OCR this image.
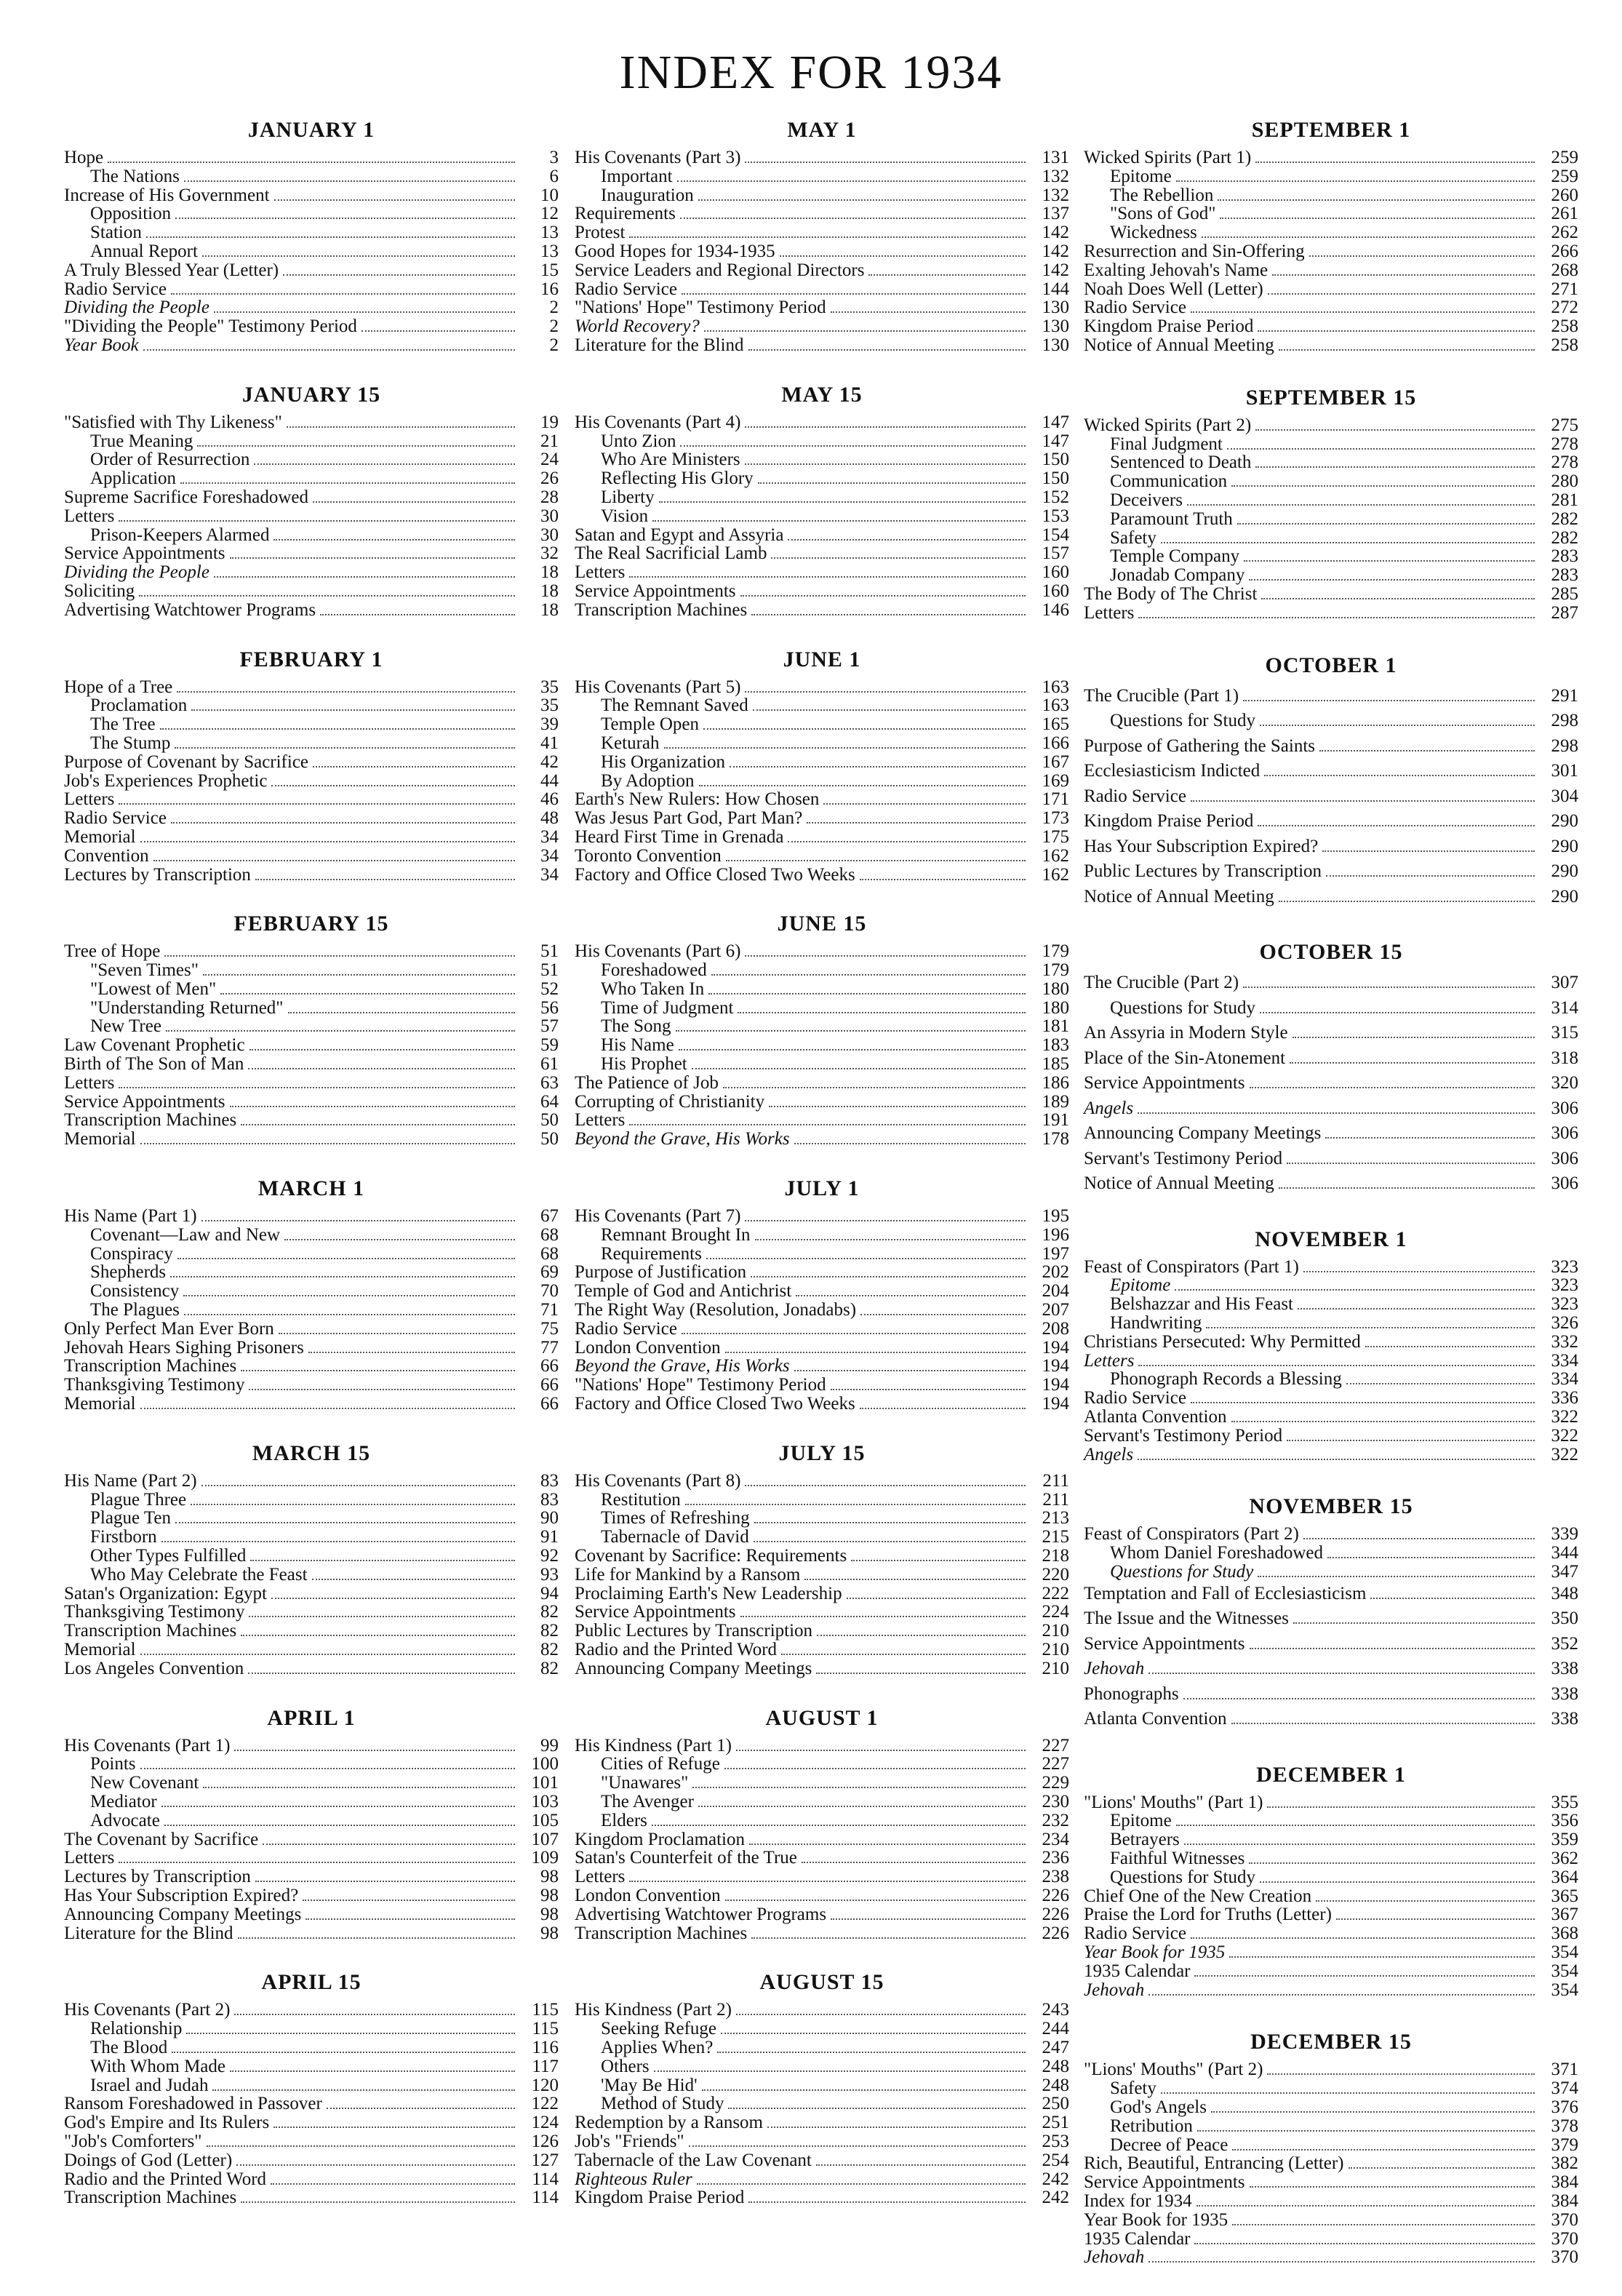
INDEX FOR 1934
JANUARY 1
Hope	3
The Nations	6
Increase of His Government	10
Opposition	12
Station	13
Annual Report	13
A Truly Blessed Year (Letter)	15
Radio Service	16
Dividing the People	2
"Dividing the People" Testimony Period	2
Year Book	2
JANUARY 15
"Satisfied with Thy Likeness"	19
True Meaning	21
Order of Resurrection	24
Application	26
Supreme Sacrifice Foreshadowed	28
Letters	30
Prison-Keepers Alarmed	30
Service Appointments	32
Dividing the People	18
Soliciting	18
Advertising Watchtower Programs	18
FEBRUARY 1
Hope of a Tree	35
Proclamation	35
The Tree	39
The Stump	41
Purpose of Covenant by Sacrifice	42
Job's Experiences Prophetic	44
Letters	46
Radio Service	48
Memorial	34
Convention	34
Lectures by Transcription	34
FEBRUARY 15
Tree of Hope	51
"Seven Times"	51
"Lowest of Men"	52
"Understanding Returned"	56
New Tree	57
Law Covenant Prophetic	59
Birth of The Son of Man	61
Letters	63
Service Appointments	64
Transcription Machines	50
Memorial	50
MARCH 1
His Name (Part 1)	67
Covenant—Law and New	68
Conspiracy	68
Shepherds	69
Consistency	70
The Plagues	71
Only Perfect Man Ever Born	75
Jehovah Hears Sighing Prisoners	77
Transcription Machines	66
Thanksgiving Testimony	66
Memorial	66
MARCH 15
His Name (Part 2)	83
Plague Three	83
Plague Ten	90
Firstborn	91
Other Types Fulfilled	92
Who May Celebrate the Feast	93
Satan's Organization: Egypt	94
Thanksgiving Testimony	82
Transcription Machines	82
Memorial	82
Los Angeles Convention	82
APRIL 1
His Covenants (Part 1)	99
Points	100
New Covenant	101
Mediator	103
Advocate	105
The Covenant by Sacrifice	107
Letters	109
Lectures by Transcription	98
Has Your Subscription Expired?	98
Announcing Company Meetings	98
Literature for the Blind	98
APRIL 15
His Covenants (Part 2)	115
Relationship	115
The Blood	116
With Whom Made	117
Israel and Judah	120
Ransom Foreshadowed in Passover	122
God's Empire and Its Rulers	124
"Job's Comforters"	126
Doings of God (Letter)	127
Radio and the Printed Word	114
Transcription Machines	114
MAY 1
His Covenants (Part 3)	131
Important	132
Inauguration	132
Requirements	137
Protest	142
Good Hopes for 1934-1935	142
Service Leaders and Regional Directors	142
Radio Service	144
"Nations' Hope" Testimony Period	130
World Recovery?	130
Literature for the Blind	130
MAY 15
His Covenants (Part 4)	147
Unto Zion	147
Who Are Ministers	150
Reflecting His Glory	150
Liberty	152
Vision	153
Satan and Egypt and Assyria	154
The Real Sacrificial Lamb	157
Letters	160
Service Appointments	160
Transcription Machines	146
JUNE 1
His Covenants (Part 5)	163
The Remnant Saved	163
Temple Open	165
Keturah	166
His Organization	167
By Adoption	169
Earth's New Rulers: How Chosen	171
Was Jesus Part God, Part Man?	173
Heard First Time in Grenada	175
Toronto Convention	162
Factory and Office Closed Two Weeks	162
JUNE 15
His Covenants (Part 6)	179
Foreshadowed	179
Who Taken In	180
Time of Judgment	180
The Song	181
His Name	183
His Prophet	185
The Patience of Job	186
Corrupting of Christianity	189
Letters	191
Beyond the Grave, His Works	178
JULY 1
His Covenants (Part 7)	195
Remnant Brought In	196
Requirements	197
Purpose of Justification	202
Temple of God and Antichrist	204
The Right Way (Resolution, Jonadabs)	207
Radio Service	208
London Convention	194
Beyond the Grave, His Works	194
"Nations' Hope" Testimony Period	194
Factory and Office Closed Two Weeks	194
JULY 15
His Covenants (Part 8)	211
Restitution	211
Times of Refreshing	213
Tabernacle of David	215
Covenant by Sacrifice: Requirements	218
Life for Mankind by a Ransom	220
Proclaiming Earth's New Leadership	222
Service Appointments	224
Public Lectures by Transcription	210
Radio and the Printed Word	210
Announcing Company Meetings	210
AUGUST 1
His Kindness (Part 1)	227
Cities of Refuge	227
"Unawares"	229
The Avenger	230
Elders	232
Kingdom Proclamation	234
Satan's Counterfeit of the True	236
Letters	238
London Convention	226
Advertising Watchtower Programs	226
Transcription Machines	226
AUGUST 15
His Kindness (Part 2)	243
Seeking Refuge	244
Applies When?	247
Others	248
'May Be Hid'	248
Method of Study	250
Redemption by a Ransom	251
Job's "Friends"	253
Tabernacle of the Law Covenant	254
Righteous Ruler	242
Kingdom Praise Period	242
SEPTEMBER 1
Wicked Spirits (Part 1)	259
Epitome	259
The Rebellion	260
"Sons of God"	261
Wickedness	262
Resurrection and Sin-Offering	266
Exalting Jehovah's Name	268
Noah Does Well (Letter)	271
Radio Service	272
Kingdom Praise Period	258
Notice of Annual Meeting	258
SEPTEMBER 15
Wicked Spirits (Part 2)	275
Final Judgment	278
Sentenced to Death	278
Communication	280
Deceivers	281
Paramount Truth	282
Safety	282
Temple Company	283
Jonadab Company	283
The Body of The Christ	285
Letters	287
OCTOBER 1
The Crucible (Part 1)	291
Questions for Study	298
Purpose of Gathering the Saints	298
Ecclesiasticism Indicted	301
Radio Service	304
Kingdom Praise Period	290
Has Your Subscription Expired?	290
Public Lectures by Transcription	290
Notice of Annual Meeting	290
OCTOBER 15
The Crucible (Part 2)	307
Questions for Study	314
An Assyria in Modern Style	315
Place of the Sin-Atonement	318
Service Appointments	320
Angels	306
Announcing Company Meetings	306
Servant's Testimony Period	306
Notice of Annual Meeting	306
NOVEMBER 1
Feast of Conspirators (Part 1)	323
Epitome	323
Belshazzar and His Feast	323
Handwriting	326
Christians Persecuted: Why Permitted	332
Letters	334
Phonograph Records a Blessing	334
Radio Service	336
Atlanta Convention	322
Servant's Testimony Period	322
Angels	322
NOVEMBER 15
Feast of Conspirators (Part 2)	339
Whom Daniel Foreshadowed	344
Questions for Study	347
Temptation and Fall of Ecclesiasticism	348
The Issue and the Witnesses	350
Service Appointments	352
Jehovah	338
Phonographs	338
Atlanta Convention	338
DECEMBER 1
"Lions' Mouths" (Part 1)	355
Epitome	356
Betrayers	359
Faithful Witnesses	362
Questions for Study	364
Chief One of the New Creation	365
Praise the Lord for Truths (Letter)	367
Radio Service	368
Year Book for 1935	354
1935 Calendar	354
Jehovah	354
DECEMBER 15
"Lions' Mouths" (Part 2)	371
Safety	374
God's Angels	376
Retribution	378
Decree of Peace	379
Rich, Beautiful, Entrancing (Letter)	382
Service Appointments	384
Index for 1934	384
Year Book for 1935	370
1935 Calendar	370
Jehovah	370
